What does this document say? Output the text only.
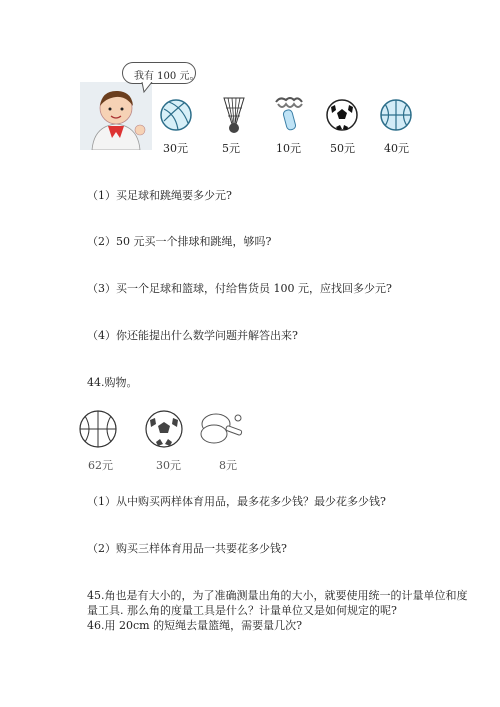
我有 100 元。
30元	5元	10元	50元	40元
（1）买足球和跳绳要多少元?
（2）50 元买一个排球和跳绳，够吗?
（3）买一个足球和篮球，付给售货员 100 元，应找回多少元?
（4）你还能提出什么数学问题并解答出来?
44.购物。
62元	30元	8元
（1）从中购买两样体育用品，最多花多少钱？最少花多少钱?
（2）购买三样体育用品一共要花多少钱?
45.角也是有大小的，为了准确测量出角的大小，就要使用统一的计量单位和度
量工具. 那么角的度量工具是什么？计量单位又是如何规定的呢?
46.用 20cm 的短绳去量篮绳，需要量几次?
